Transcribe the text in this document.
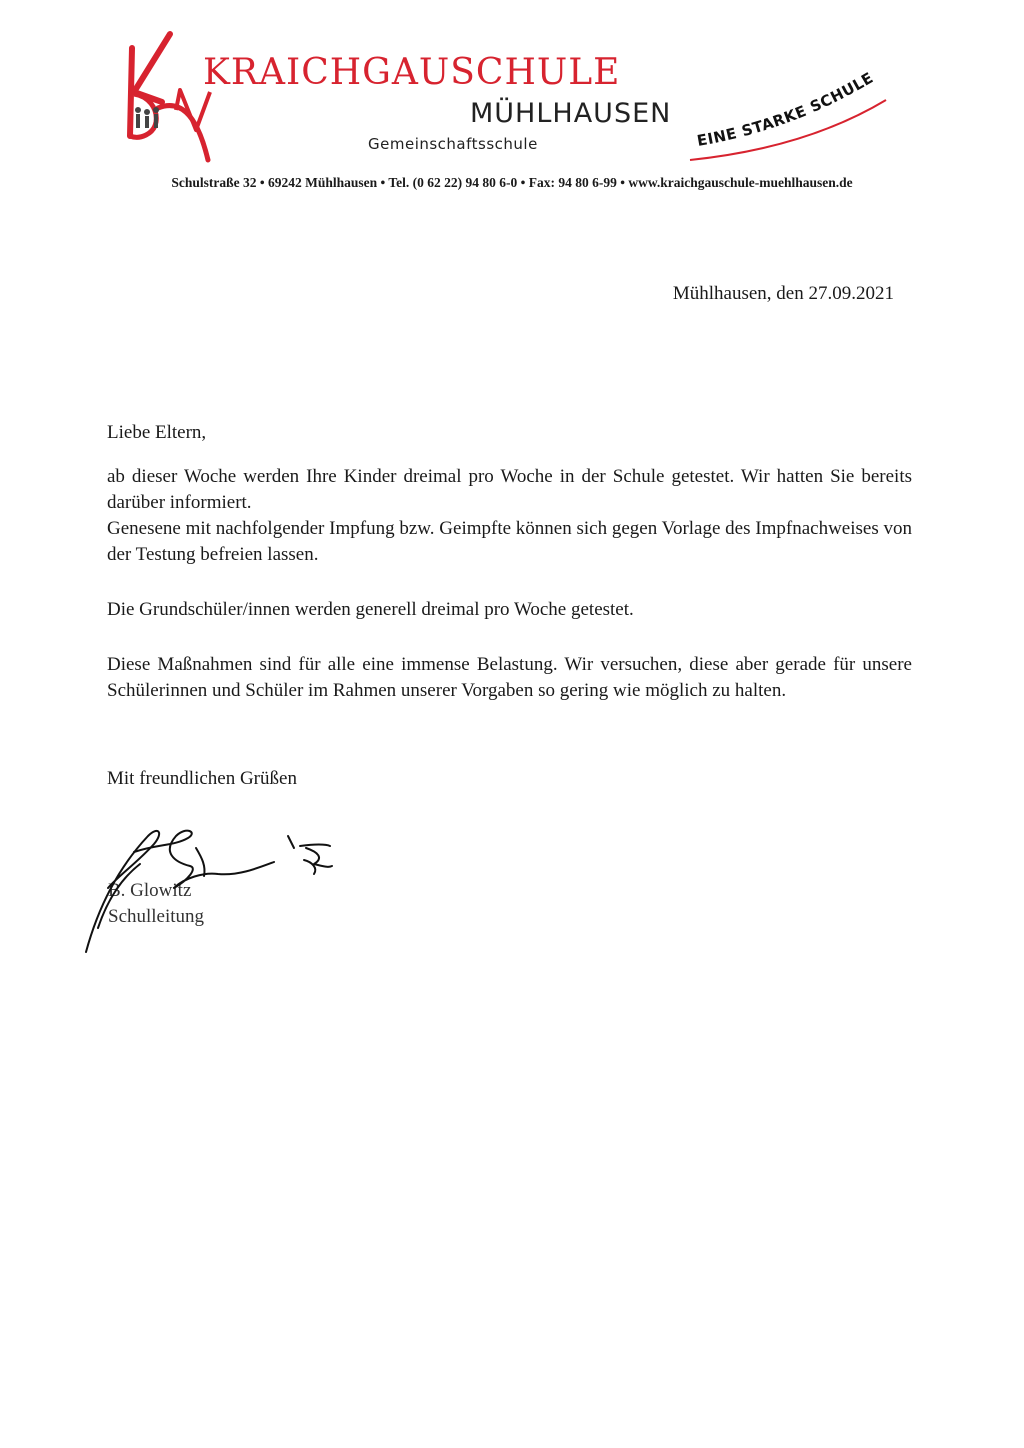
KRAICHGAUSCHULE
MÜHLHAUSEN
Gemeinschaftsschule	EINE STARKE SCHULE
Schulstraße 32 • 69242 Mühlhausen • Tel. (0 62 22) 94 80 6-0 • Fax: 94 80 6-99 • www.kraichgauschule-muehlhausen.de
Mühlhausen, den 27.09.2021

Liebe Eltern,

ab dieser Woche werden Ihre Kinder dreimal pro Woche in der Schule getestet. Wir hatten Sie bereits darüber informiert.

Genesene mit nachfolgender Impfung bzw. Geimpfte können sich gegen Vorlage des Impfnachweises von der Testung befreien lassen.

Die Grundschüler/innen werden generell dreimal pro Woche getestet.

Diese Maßnahmen sind für alle eine immense Belastung. Wir versuchen, diese aber gerade für unsere Schülerinnen und Schüler im Rahmen unserer Vorgaben so gering wie möglich zu halten.

Mit freundlichen Grüßen
B. Glowitz
Schulleitung
